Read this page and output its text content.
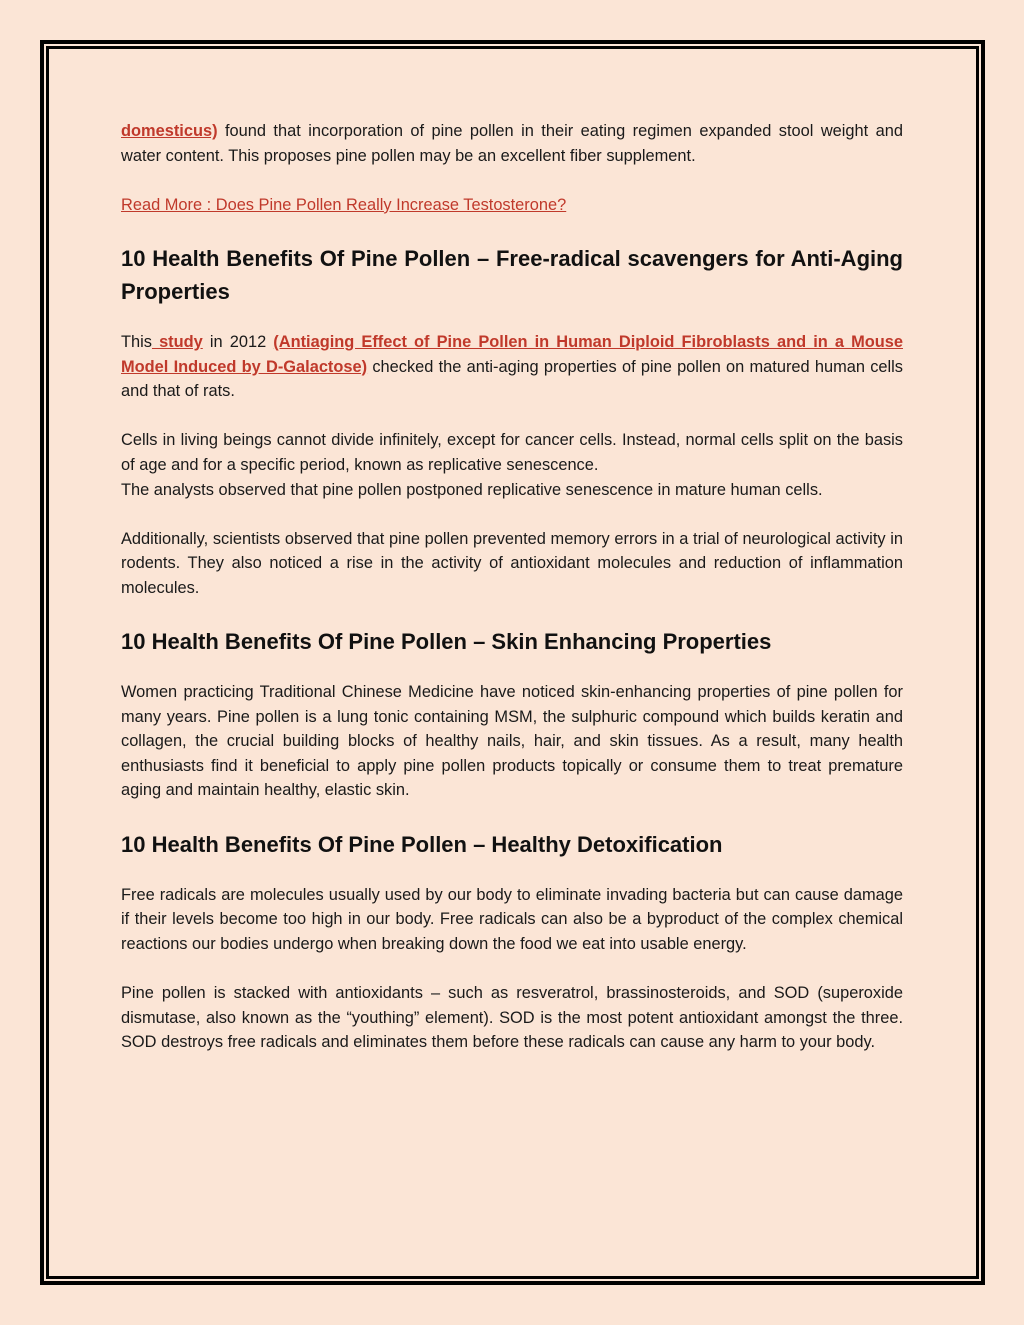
domesticus) found that incorporation of pine pollen in their eating regimen expanded stool weight and water content. This proposes pine pollen may be an excellent fiber supplement.

Read More : Does Pine Pollen Really Increase Testosterone?

10 Health Benefits Of Pine Pollen – Free-radical scavengers for Anti-Aging Properties

This study in 2012 (Antiaging Effect of Pine Pollen in Human Diploid Fibroblasts and in a Mouse Model Induced by D-Galactose) checked the anti-aging properties of pine pollen on matured human cells and that of rats.

Cells in living beings cannot divide infinitely, except for cancer cells. Instead, normal cells split on the basis of age and for a specific period, known as replicative senescence.

The analysts observed that pine pollen postponed replicative senescence in mature human cells.

Additionally, scientists observed that pine pollen prevented memory errors in a trial of neurological activity in rodents. They also noticed a rise in the activity of antioxidant molecules and reduction of inflammation molecules.

10 Health Benefits Of Pine Pollen – Skin Enhancing Properties

Women practicing Traditional Chinese Medicine have noticed skin-enhancing properties of pine pollen for many years. Pine pollen is a lung tonic containing MSM, the sulphuric compound which builds keratin and collagen, the crucial building blocks of healthy nails, hair, and skin tissues. As a result, many health enthusiasts find it beneficial to apply pine pollen products topically or consume them to treat premature aging and maintain healthy, elastic skin.

10 Health Benefits Of Pine Pollen – Healthy Detoxification

Free radicals are molecules usually used by our body to eliminate invading bacteria but can cause damage if their levels become too high in our body. Free radicals can also be a byproduct of the complex chemical reactions our bodies undergo when breaking down the food we eat into usable energy.

Pine pollen is stacked with antioxidants – such as resveratrol, brassinosteroids, and SOD (superoxide dismutase, also known as the “youthing” element). SOD is the most potent antioxidant amongst the three. SOD destroys free radicals and eliminates them before these radicals can cause any harm to your body.
